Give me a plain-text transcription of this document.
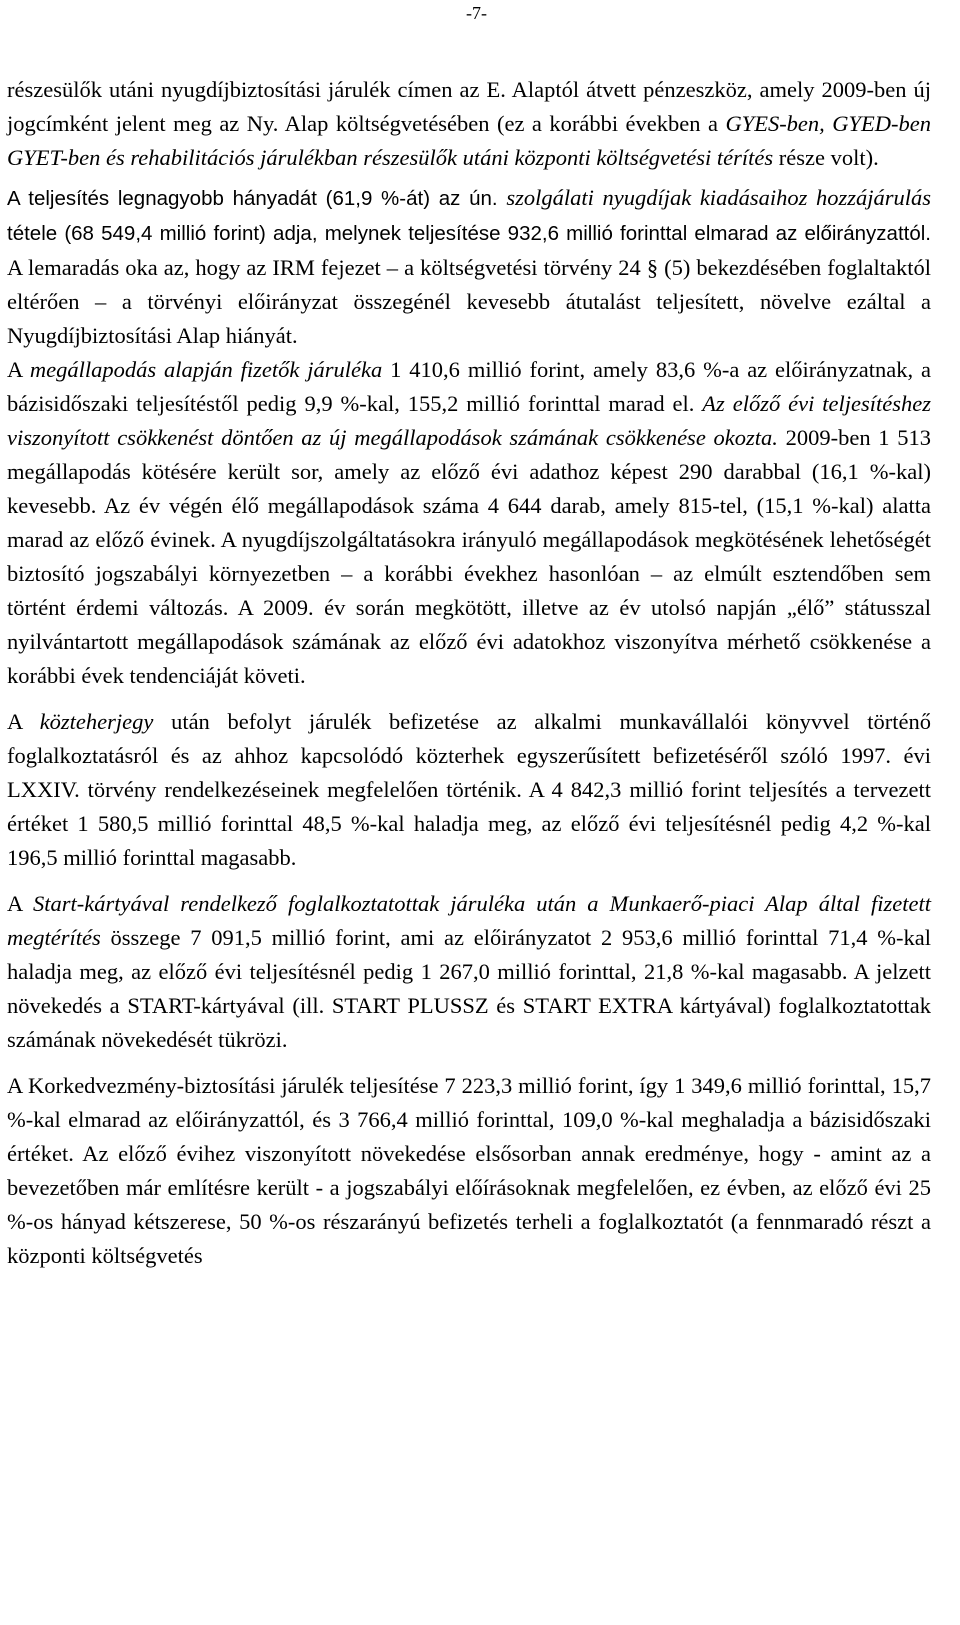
-7-

részesülők utáni nyugdíjbiztosítási járulék címen az E. Alaptól átvett pénzeszköz, amely 2009-ben új jogcímként jelent meg az Ny. Alap költségvetésében (ez a korábbi években a GYES-ben, GYED-ben GYET-ben és rehabilitációs járulékban részesülők utáni központi költségvetési térítés része volt).

A teljesítés legnagyobb hányadát (61,9 %-át) az ún. szolgálati nyugdíjak kiadásaihoz hozzájárulás tétele (68 549,4 millió forint) adja, melynek teljesítése 932,6 millió forinttal elmarad az előirányzattól. A lemaradás oka az, hogy az IRM fejezet – a költségvetési törvény 24 § (5) bekezdésében foglaltaktól eltérően – a törvényi előirányzat összegénél kevesebb átutalást teljesített, növelve ezáltal a Nyugdíjbiztosítási Alap hiányát.

A megállapodás alapján fizetők járuléka 1 410,6 millió forint, amely 83,6 %-a az előirányzatnak, a bázisidőszaki teljesítéstől pedig 9,9 %-kal, 155,2 millió forinttal marad el. Az előző évi teljesítéshez viszonyított csökkenést döntően az új megállapodások számának csökkenése okozta. 2009-ben 1 513 megállapodás kötésére került sor, amely az előző évi adathoz képest 290 darabbal (16,1 %-kal) kevesebb. Az év végén élő megállapodások száma 4 644 darab, amely 815-tel, (15,1 %-kal) alatta marad az előző évinek. A nyugdíjszolgáltatásokra irányuló megállapodások megkötésének lehetőségét biztosító jogszabályi környezetben – a korábbi évekhez hasonlóan – az elmúlt esztendőben sem történt érdemi változás. A 2009. év során megkötött, illetve az év utolsó napján „élő” státusszal nyilvántartott megállapodások számának az előző évi adatokhoz viszonyítva mérhető csökkenése a korábbi évek tendenciáját követi.

A közteherjegy után befolyt járulék befizetése az alkalmi munkavállalói könyvvel történő foglalkoztatásról és az ahhoz kapcsolódó közterhek egyszerűsített befizetéséről szóló 1997. évi LXXIV. törvény rendelkezéseinek megfelelően történik. A 4 842,3 millió forint teljesítés a tervezett értéket 1 580,5 millió forinttal 48,5 %-kal haladja meg, az előző évi teljesítésnél pedig 4,2 %-kal 196,5 millió forinttal magasabb.

A Start-kártyával rendelkező foglalkoztatottak járuléka után a Munkaerő-piaci Alap által fizetett megtérítés összege 7 091,5 millió forint, ami az előirányzatot 2 953,6 millió forinttal 71,4 %-kal haladja meg, az előző évi teljesítésnél pedig 1 267,0 millió forinttal, 21,8 %-kal magasabb. A jelzett növekedés a START-kártyával (ill. START PLUSSZ és START EXTRA kártyával) foglalkoztatottak számának növekedését tükrözi.

A Korkedvezmény-biztosítási járulék teljesítése 7 223,3 millió forint, így 1 349,6 millió forinttal, 15,7 %-kal elmarad az előirányzattól, és 3 766,4 millió forinttal, 109,0 %-kal meghaladja a bázisidőszaki értéket. Az előző évihez viszonyított növekedése elsősorban annak eredménye, hogy - amint az a bevezetőben már említésre került - a jogszabályi előírásoknak megfelelően, ez évben, az előző évi 25 %-os hányad kétszerese, 50 %-os részarányú befizetés terheli a foglalkoztatót (a fennmaradó részt a központi költségvetés
